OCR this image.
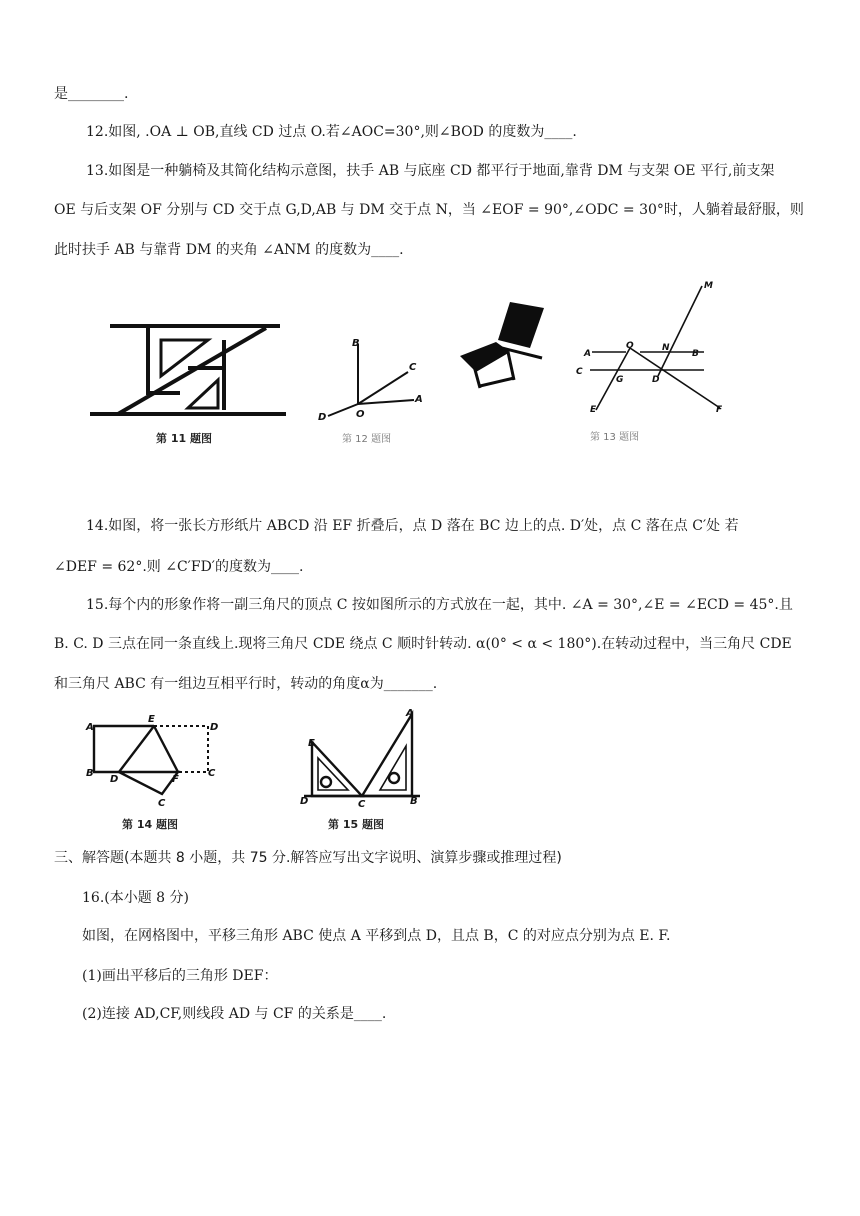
是________.
12.如图, .OA ⊥ OB,直线 CD 过点 O.若∠AOC=30°,则∠BOD 的度数为____.
13.如图是一种躺椅及其简化结构示意图，扶手 AB 与底座 CD 都平行于地面,靠背 DM 与支架 OE 平行,前支架
OE 与后支架 OF 分别与 CD 交于点 G,D,AB 与 DM 交于点 N，当 ∠EOF = 90°,∠ODC = 30°时，人躺着最舒服，则
此时扶手 AB 与靠背 DM 的夹角 ∠ANM 的度数为____.
第 11 题图
B
C
A
D	O
第 12 题图
M
A
O	N
B
C
G	D
E	F
第 13 题图
14.如图，将一张长方形纸片 ABCD 沿 EF 折叠后，点 D 落在 BC 边上的点. D′处，点 C 落在点 C′处 若
∠DEF = 62°.则 ∠C′FD′的度数为____.
15.每个内的形象作将一副三角尺的顶点 C 按如图所示的方式放在一起，其中. ∠A = 30°,∠E = ∠ECD = 45°.且
B. C. D 三点在同一条直线上.现将三角尺 CDE 绕点 C 顺时针转动. α(0° < α < 180°).在转动过程中，当三角尺 CDE
和三角尺 ABC 有一组边互相平行时，转动的角度α为_______.
A
E
D
B
D	F
C
C
第 14 题图
A
E
D	C	B
第 15 题图
三、解答题(本题共 8 小题，共 75 分.解答应写出文字说明、演算步骤或推理过程)
16.(本小题 8 分)
如图，在网格图中，平移三角形 ABC 使点 A 平移到点 D，且点 B，C 的对应点分别为点 E. F.
(1)画出平移后的三角形 DEF：
(2)连接 AD,CF,则线段 AD 与 CF 的关系是____.
